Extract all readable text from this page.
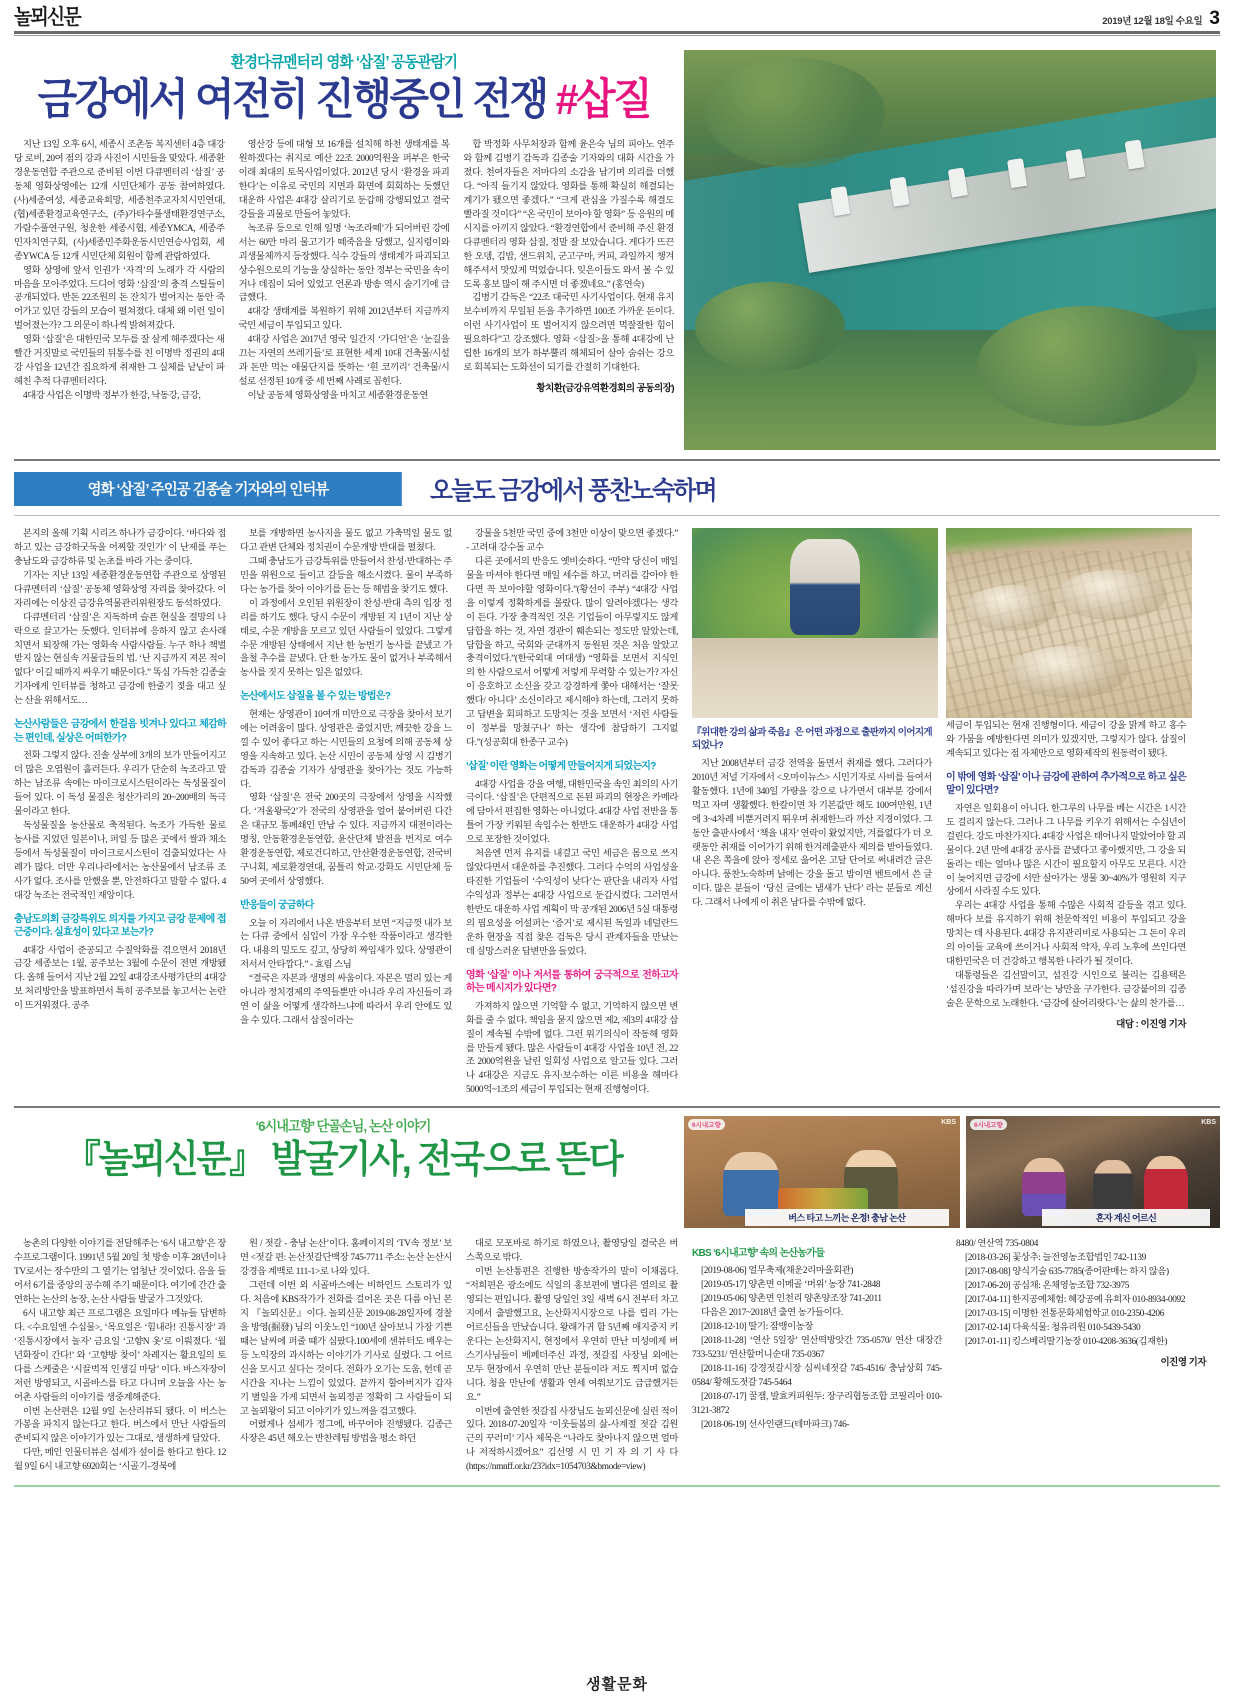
놀뫼신문
생활문화
2019년 12월 18일 수요일 3
환경다큐멘터리 영화 ‘삽질’ 공동관람기
금강에서 여전히 진행중인 전쟁 #삽질

지난 13일 오후 6시, 세종시 조촌동 복지센터 4층 대강당 로비, 20여 점의 강과 사진이 시민들을 맞았다. 세종환경운동연합 주관으로 준비된 이번 다큐멘터리 ‘삽질’ 공동체 영화상영에는 12개 시민단체가 공동 참여하였다. (사)세종여성, 세종교육희망, 세종천주교자치시민연대, (협)세종환경교육연구소, (주)가타수풀생태환경연구소, 가람수풀연구원, 청운한 세종시협, 세종YMCA, 세종주민자치연구회, (사)세종민주화운동시민연승사업회, 세종YWCA 등 12개 시민단체 회원이 함께 관람하였다.

영화 상영에 앞서 인권가 ‘자격’의 노래가 각 사람의 마음을 모아주었다. 드디어 영화 ‘삽질’의 충격 스틸들이 공개되었다. 반돈 22조원의 돈 잔치가 벌어지는 동안 죽어가고 있던 강들의 모습이 펼쳐졌다. 대체 왜 이런 일이 벌어졌는가? 그 의문이 하나씩 밝혀져갔다.

영화 ‘삽질’은 대한민국 모두를 잘 살게 해주겠다는 새빨간 거짓말로 국민들의 뒤통수를 친 이명박 정권의 4대강 사업을 12년간 집요하게 취재한 그 실체를 낱낱이 파헤친 추적 다큐멘터리다.

4대강 사업은 이명박 정부가 한강, 낙동강, 금강,

영산강 등에 대형 보 16개를 설치해 하천 생태계를 복원하겠다는 취지로 예산 22조 2000억원을 퍼부은 한국 이래 최대의 토목사업이었다. 2012년 당시 ‘환경을 파괴한다’는 이유로 국민의 지면과 화면에 회회하는 듯했던 대운하 사업은 4대강 살리기로 둔갑해 강행되었고 결국 강들을 괴물로 만들어 놓았다.

녹조류 등으로 인해 일명 ‘녹조라떼’가 되어버린 강에서는 60만 마리 물고기가 떼죽음을 당했고, 실지렁이와 괴생물체까지 등장했다. 식수 강들의 생태계가 파괴되고 상수원으로의 기능을 상실하는 동안 정부는 국민을 속이거나 데집이 되어 있었고 언론과 방송 역시 숨기기에 급급했다.

4대강 생태계를 복원하기 위해 2012년부터 지금까지 국민 세금이 투입되고 있다.

4대강 사업은 2017년 영국 일간지 ‘가디언’은 ‘눈길을 끄는 자연의 쓰레기들’로 표현한 세계 10대 건축물/시설과 돈만 먹는 애물단지를 뜻하는 ‘흰 코끼리’ 건축물/시설로 선정된 10개 중 세 번째 사례로 꼽힌다.

이날 공동체 영화상영을 마치고 세종환경운동연

합 박정화 사무처장과 함께 윤은숙 님의 피아노 연주와 함께 김병기 감독과 김종술 기자와의 대화 시간을 가졌다. 천여자들은 저마다의 소감을 남기며 의리를 더했다. “아직 들기지 않았다. 영화를 통해 확실히 해결되는 계기가 됐으면 좋겠다.” “크게 관심을 가질수록 해결도 빨라질 것이다” “온 국민이 보아야 할 영화” 등 응원의 메시지를 아끼지 않았다. “환경연합에서 준비해 주신 환경다큐멘터리 영화 삽질, 정말 잘 보았습니다. 게다가 뜨끈한 오뎅, 김밥, 샌드위치, 군고구마, 커피, 과일까지 챙겨 해주셔서 맛있게 먹었습니다. 잊은이들도 와서 볼 수 있도록 홍보 많이 해 주시면 더 좋겠네요.” (홍연숙)

김병기 감독은 “22조 대국민 사기사업이다. 현재 유지보수비까지 무일된 돈을 추가하면 100조 가까운 돈이다. 이런 사기사업이 또 벌어지지 않으려면 먹잘잘한 힘이 필요하다”고 강조했다. 영화 <삽질>을 통해 4대강에 난립한 16개의 보가 하부뿔리 해체되어 살아 숨쉬는 강으로 회복되는 도화선이 되기를 간절히 기대한다.

황치환(금강유역환경회의 공동의장)
영화 ‘삽질’ 주인공 김종술 기자와의 인터뷰	오늘도 금강에서 풍찬노숙하며

본지의 올해 기획 시리즈 하나가 금강이다. ‘바다와 접하고 있는 금강하굿둑을 어찌할 것인가’ 이 난제를 푸는 충남도와 금강하류 및 논초를 바라 가는 중이다.

기자는 지난 13일 세종환경운동연합 주관으로 상영된 다큐멘터리 ‘삽질’ 공동체 영화상영 자리를 찾아갔다. 이 자리에는 이상진 금강유역물관리위원장도 동석하였다.

다큐멘터리 ‘삽질’은 지독하며 슬픈 현실을 절망의 나락으로 끌고가는 듯했다. 인터뷰에 응하지 않고 손사래치면서 퇴장해 가는 영화속 사람사람들. 누구 하나 책벌받지 않는 현실속 거물급들의 법. ‘난 지금까지 져본 적이 없다’ 이길 때까지 싸우기 때문이다.” 똑심 가득찬 김종술 기자에게 인터뷰를 청하고 금강에 한줄기 젖을 대고 싶는 산을 위해서도…

논산사람들은 금강에서 한걸음 빗겨나 있다고 체감하는 편인데, 실상은 어떠한가?

전화 그렇지 않다. 진솔 상부에 3개의 보가 만들어지고 더 많은 오염원이 흘러든다. 우리가 단순히 녹조라고 말하는 남조류 속에는 마이크로시스틴이라는 독성물질이 들어 있다. 이 독성 물질은 청산가리의 20~200배의 독극물이라고 한다.

독성물질을 농산물로 축적된다. 녹조가 가득한 물로 농사를 지었던 일본이나, 퍼일 등 많은 곳에서 쌀과 채소 등에서 독성물질이 마이크로시스틴이 검출되었다는 사례가 많다. 더만 우리나라에서는 농산물에서 남조류 조사가 없다. 조사를 안했을 뿐, 안전하다고 말할 수 없다. 4대강 녹조는 전국적인 재앙이다.

충남도의회 금강특위도 의지를 가지고 금강 문제에 접근중이다. 실효성이 있다고 보는가?

4대강 사업이 준공되고 수질악화를 겪으면서 2018년 금강 세종보는 1월, 공주보는 3월에 수문이 전면 개방됐다. 올해 들어서 지난 2월 22일 4대강조사평가단의 4대강 보 처리방안을 발표하면서 특히 공주보를 놓고서는 논란이 뜨거워졌다. 공주

보를 개방하면 농사지을 물도 없고 가축먹일 물도 없다고 관변 단체와 정치권이 수문개방 반대를 펼쳤다.

그때 충남도가 금강특위를 만들어서 찬성·반대하는 주민을 위원으로 들이고 갈등을 해소시켰다. 물이 부족하다는 농가를 찾아 이야기를 듣는 등 해법을 찾기도 했다.

이 과정에서 오인된 위원장이 찬성·반대 측의 입장 정리를 하기도 했다. 당시 수문이 개방된 지 1년이 지난 상태로, 수문 개방을 모르고 있던 사람들이 있었다. 그렇게 수문 개방된 상태에서 지난 한 농번기 농사를 끝냈고 가을철 추수를 끝냈다. 단 한 농가도 물이 없거나 부족해서 농사를 짓지 못하는 일은 없었다.

논산에서도 삽질을 볼 수 있는 방법은?

현재는 상영관이 10여개 미만으로 극장을 찾아서 보기에는 어려움이 많다. 상영관은 줄었지만, 깨끗한 강을 느낄 수 있어 좋다고 하는 시민들의 요청에 의해 공동체 상영을 지속하고 있다. 논산 시민이 공동체 상영 시 김병기 감독과 김종술 기자가 상영관을 찾아가는 것도 가능하다.

영화 ‘삽질’은 전국 200곳의 극장에서 상영을 시작했다. ‘겨울왕국2’가 전국의 상영관을 얼어 붙어버린 다간은 대규모 통폐쇄인 만남 수 있다. 지금까지 대전이라는 명칭, 안동환경운동연합, 윤산단체 발전을 번지로 여수환경운동연합, 제로건디하고, 안산환경운동연합, 전국비구니회, 제로환경연대, 꿈틀리 학교·강화도 시민단체 등 50여 곳에서 상영했다.

반응들이 궁금하다

오늘 이 자리에서 나온 반응부터 보면 “지금껏 내가 보는 다큐 중에서 심입이 가장 우수한 작품이라고 생각한다. 내용의 밀도도 깊고, 상당히 짜임새가 있다. 상영관이 저서서 안타깝다.” - 효림 스님

“결국은 자본과 생명의 싸움이다. 자본은 멀리 있는 게 아니라 정치경제의 주역들뿐만 아니라 우리 자신들이 과연 이 삶을 어떻게 생각하느냐에 따라서 우리 안에도 있을 수 있다. 그래서 삽질이라는

강물을 5천만 국민 중에 3천만 이상이 맞으면 좋겠다.” - 고려대 강수돌 교수

다른 곳에서의 반응도 옛비슷하다. “만약 당신이 매일 물을 마셔야 한다면 매일 세수를 하고, 머리를 감아야 한다면 꼭 보아야할 영화이다.”(황선이 주부) “4대강 사업을 이렇게 정확하게를 몰랐다. 많이 알려야겠다는 생각이 든다. 가장 충격적인 것은 기업들이 아무렇지도 않게 담합을 하는 것, 자연 경관이 훼손되는 정도만 알았는데, 담합을 하고, 국회와 군대까지 동원된 것은 처음 알았고 충격이었다.”(한국외대 여대생) “영화를 보면서 지식인의 한 사람으로서 어떻게 저렇게 무력할 수 있는가? 자신이 응호하고 소신을 갖고 강경하게 쫓아 대해서는 ‘잘못했다/ 아니다’ 소신이라고 제시해야 하는데, 그러지 못하고 답변을 회피하고 도망치는 것을 보면서 ‘저런 사람들이 정부를 망쳤구나’ 하는 생각에 참담하기 그지없다.”(성공회대 한종구 교수)

‘삽질’ 이란 영화는 어떻게 만들어지게 되었는지?

4대강 사업을 강을 여행, 대한민국을 속인 최의의 사기극이다. ‘삽질’은 단편적으로 돈된 파괴의 현장은 카메라에 담아서 편집한 영화는 아니었다. 4대강 사업 전반을 통틀어 가장 키워된 속임수는 한반도 대운하가 4대강 사업으로 포장한 것이었다.

처음엔 먼저 유지를 내걸고 국민 세금은 몸으로 쓰지 않았다면서 대운하를 추진했다. 그러다 수억의 사업성을 타진한 기업들이 ‘수익성이 낮다’는 판단을 내리자 사업 수익성과 정부는 4대강 사업으로 둔갑시켰다. 그러면서 한반도 대운하 사업 계획이 막 공개된 2006년 5실 대통령의 핍요성을 어설퍼는 ‘증거’로 제시된 독일과 네덜란드 운하 현장을 직접 찾은 검독은 당시 관계자들을 만났는데 실망스러운 답변만을 들었다.

영화 ‘삽질’ 이나 저서를 통하여 궁극적으로 전하고자 하는 메시지가 있다면?

가져하지 않으면 기억할 수 없고, 기억하지 않으면 변화를 줄 수 없다. 책임을 묻지 않으면 제2, 제3의 4대강 삽질이 계속될 수밖에 없다. 그런 위기의식이 작동해 영화를 만들게 됐다. 많은 사람들이 4대강 사업을 10년 전, 22조 2000억원을 날린 일회성 사업으로 알고들 있다. 그러나 4대강은 지금도 유지·보수하는 이른 비용을 해마다 5000억~1조의 세금이 투입되는 현재 진행형이다.

『위대한 강의 삶과 죽음』은 어떤 과정으로 출판까지 이어지게 되었나?

지난 2008년부터 금강 전역을 돌면서 취재를 했다. 그러다가 2010년 저널 기자에서 <오마이뉴스> 시민기자로 사비를 들여서 활동했다. 1년에 340일 가량을 강으로 나가면서 대부분 강에서 먹고 자며 생활했다. 한칼이면 차 기본값만 해도 100여만원, 1년에 3~4차례 비뿐거려지 뛰우며 취재한느라 까산 지경이었다. 그동안 출판사에서 ‘책을 내자’ 연락이 왔었지만, 겨를없다가 더 오랫동안 취재를 이어가기 위해 한겨레출판사 제의를 받아들였다. 내 온은 쪽을에 앉아 정세로 읊어온 고달 단어로 써내려간 글은 아니다. 풍찬노숙하며 낡에는 강을 돌고 밤이면 벤트에서 쓴 글이다. 많은 분들이 ‘당신 글에는 냄새가 난다’ 라는 분들로 계신다. 그래서 나에게 이 취은 남다를 수밖에 없다.

세금이 투입되는 현재 진행형이다. 세금이 강을 맑게 하고 홍수와 가뭄을 예방한다면 의미가 있겠지만, 그렇지가 않다. 삽질이 계속되고 있다는 점 자체만으로 영화제작의 원동력이 됐다.

이 밖에 영화 ‘삽질’ 이나 금강에 관하여 추가적으로 하고 싶은 말이 있다면?

자연은 일회용이 아니다. 한그루의 나무를 베는 시간은 1시간도 걸리지 않는다. 그러나 그 나무를 키우기 위해서는 수십년이 걸린다. 강도 마찬가지다. 4대강 사업은 태어나지 말았어야 할 괴물이다. 2년 만에 4대강 공사를 끝냈다고 좋아했지만, 그 강을 되돌리는 데는 얼마나 많은 시간이 필요할지 아무도 모른다. 시간이 늦어지면 금강에 서만 살아가는 생물 30~40%가 영원히 지구상에서 사라질 수도 있다.

우리는 4대강 사업을 통해 수많은 사회적 갈등을 겪고 있다. 해마다 보를 유지하기 위해 천문학적인 비용이 투입되고 강을 망치는 데 사용된다. 4대강 유지관리비로 사용되는 그 돈이 우리의 아이들 교육에 쓰이거나 사회적 약자, 우리 노후에 쓰인다면 대한민국은 더 건강하고 행복한 나라가 될 것이다.

대통령들은 김선말이고, 섬진강 시인으로 불리는 김용택은 ‘섬진강을 따라가며 보라’는 낭만을 구가한다. 금강붙이의 김종술은 문학으로 노래한다. ‘금강에 살어리랏다-’는 삶의 찬가를…

대담 : 이진영 기자
‘6시내고향’ 단골손님, 논산 이야기
『놀뫼신문』 발굴기사, 전국으로 뜬다
6시내고향	KBS
버스 타고 느끼는 온정! 충남 논산
6시내고향	KBS
혼자 계신 어르신

농촌의 다양한 이야기를 전달해주는 ‘6시 내고향’은 장수프로그램이다. 1991년 5월 20일 첫 방송 이후 28년이나 TV로서는 장수만의 그 열기는 엄청난 것이었다. 음을 들어서 6기를 중앙의 공수해 주기 때문이다. 여기에 간간 출연하는 논산의 농장, 논산 사람들 발굴가 그것았다.

6시 내고향 최근 프로그램은 요일마다 메뉴들 답변하다. <수요일엔 수십물>, ‘목요일은 ‘힘내라! 진통시장’ 과 ‘진통시장에서 놀자’ 금요일 ‘고향N 옷’로 이뤄졌다. ‘월년화장이 간다!’ 와 ‘고향방 찾이’ 차례지는 활요일의 토다를 스케줄은 ‘시끌벅적 인생길 마당’ 이다. 바스자장이 저런 방영되고, 시골바스를 타고 다니며 오늘을 사는 농어촌 사람들의 이야기를 생중계해준다.

이번 논산편은 12월 9일 논산리뷰되 됐다. 이 버스는 가봉을 파치지 않는다고 한다. 버스에서 만난 사람들의 준비되지 않은 이야기가 있는 그대로, 생생하게 담았다.

다만, 메인 인물터뷰은 섬세가 섶이를 한다고 한다. 12월 9일 6시 내고향 6920회는 ‘시골기-경북에

원 / 젓갈 - 충남 논산’이다. 홈페이지의 ‘TV속 정보’ 보면 <젓갈 편: 논산젓갈단백장 745-7711 주소: 논산 논산시 강경읍 계백로 111-1>로 나와 있다.

그런데 이번 외 시골바스에는 비하인드 스토리가 있다. 처음에 KBS작가가 전화를 걸어온 곳은 다름 아닌 본지 『놀뫼신문』이다. 놀뫼신문 2019-08-28일자에 경찰을 방영(掘發) 님의 이웃노인 “100년 살아보니 가장 기쁜 때는 날씨에 퍼줄 때가 심팠다.100세에 센뷰터도 배우는 등 노익장의 과시하는 이야기가 기사로 실렸다. 그 어르신을 모시고 싶다는 것이다. 전화가 오기는 도움, 헌데 곧 시간을 지나는 느낌이 있었다. 끝까지 할아버지가 갑자기 별일을 가게 되면서 놀뫼정곧 정확히 그 사람들이 되고 놀뫼왕이 되고 이야기가 있느껴을 검고했다.

어렸게나 섬세가 정그에, 바꾸어야 진행됐다. 김종근 사장은 45년 해오는 반찬레팀 방법을 평소 하던

대로 모포바로 하기로 하였으나, 촬영당일 결국은 버스쪽으로 밖다.

이번 논산통편은 진행한 방송작가의 말이 이채롭다. “저희편은 광소에도 식일의 홍보편에 별다른 열의로 촬영되는 편입니다. 촬영 당일인 3일 새벽 6시 전부터 차고지에서 출발했고요, 논산화지시장으로 나를 립리 가는 어르신들을 만났습니다. 왕래가귀 함 5년째 애지중지 키운다는 논산화지시, 현정에서 우연히 만난 미성에게 버스기사님들이 베페더주신 과정, 젓갈집 사장님 외에는 모두 현장에서 우연히 만난 분들이라 저도 찍지며 없습니다. 청을 만난에 생활과 연세 여쭤보기도 급급했거든요.”

이번에 출연한 젓갈집 사장님도 놀뫼신문에 실린 적이 있다. 2018-07-20일자 ‘이웃들봄의 삶-사계절 젓갈 김원근의 꾸러미’ 기사 제목은 “나라도 찾아나지 않으면 얼마나 저적하시겠어요” 김선영 시 민 기 자 의 기 사 다 (https://nmnff.or.kr/23?idx=1054703&bmode=view)

KBS ‘6시내고향’ 속의 논산농가들

[2019-08-06] 얼무축제(채운2리마을회관)

[2019-05-17] 양촌면 이메골 ‘머위’ 농장 741-2848

[2019-05-06] 양촌면 인천리 양촌양조장 741-2011

다음은 2017~2018년 출연 농가들이다.

[2018-12-10] 딸기: 잠뱅이농장

[2018-11-28] ‘연산 5일장’ 연산떡방앗간 735-0570/ 연산 대장간 733-5231/ 연산할머니순대 735-0367

[2018-11-16] 강경젓갈시장 심씨네젓갈 745-4516/ 충남상회 745-0584/ 황해도젓갈 745-5464

[2018-07-17] 꿀잼, 발효커피원두: 장구리협동조합 코필리아 010-3121-3872

[2018-06-19] 선사인랜드(테마파크) 746-

8480/ 연산역 735-0804

[2018-03-26] 꽃상추: 늘전영농조합법인 742-1139

[2017-08-08] 양식기술 635-7785(종어판매는 하지 않음)

[2017-06-20] 공심채: 온채영농조합 732-3975

[2017-04-11] 한지공예체험: 혜강공예 유희자 010-8934-0092

[2017-03-15] 이명한 전통문화체험학교 010-2350-4206

[2017-02-14] 다육식물: 청유리원 010-5439-5430

[2017-01-11] 킹스베리딸기농장 010-4208-3636(김재한)

이진영 기자
